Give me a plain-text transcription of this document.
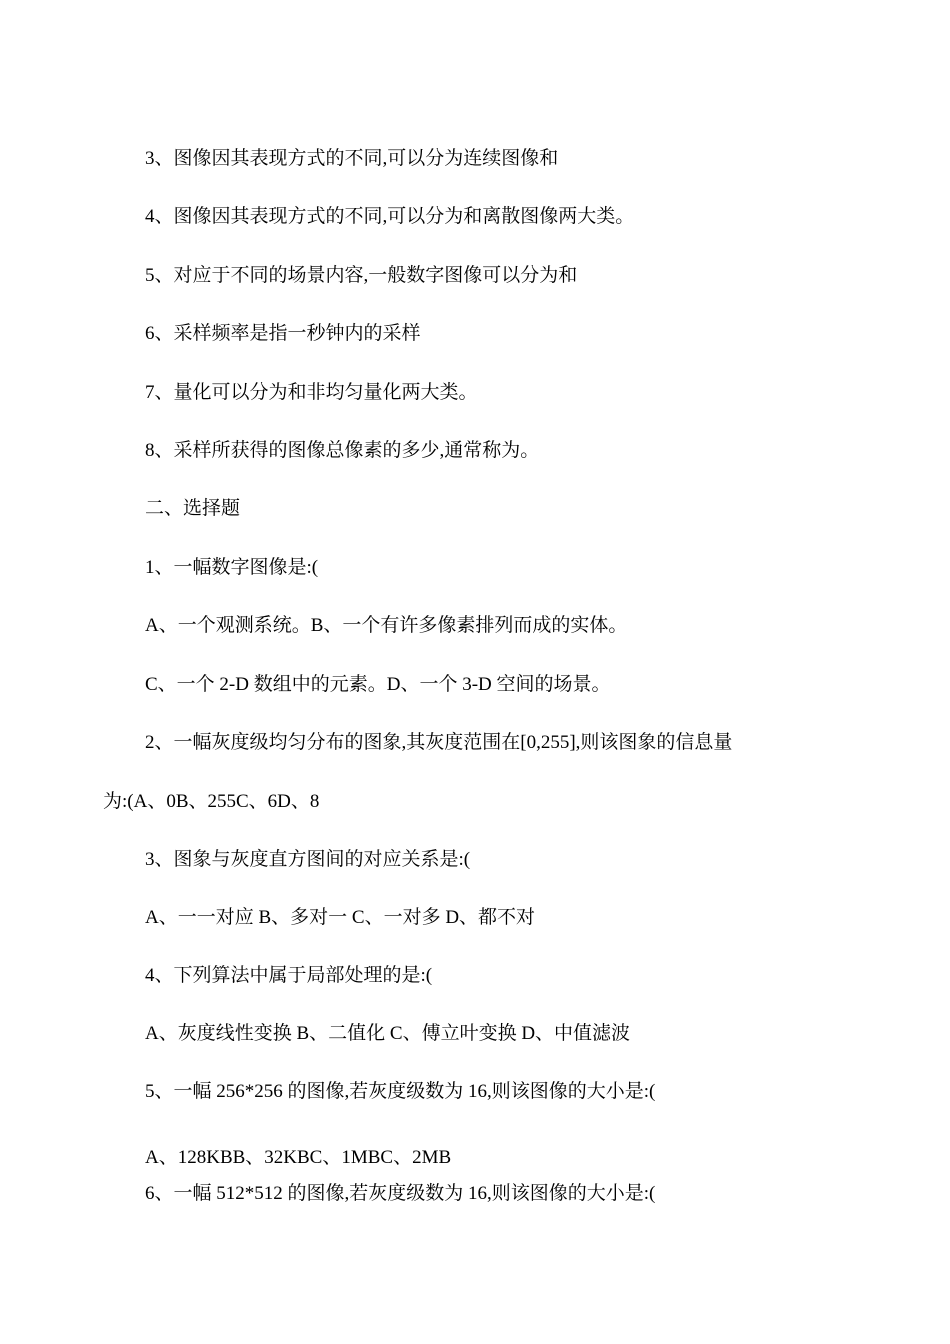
3、图像因其表现方式的不同,可以分为连续图像和
4、图像因其表现方式的不同,可以分为和离散图像两大类。
5、对应于不同的场景内容,一般数字图像可以分为和
6、采样频率是指一秒钟内的采样
7、量化可以分为和非均匀量化两大类。
8、采样所获得的图像总像素的多少,通常称为。
二、选择题
1、一幅数字图像是:(
A、一个观测系统。B、一个有许多像素排列而成的实体。
C、一个 2-D 数组中的元素。D、一个 3-D 空间的场景。
2、一幅灰度级均匀分布的图象,其灰度范围在[0,255],则该图象的信息量
为:(A、0B、255C、6D、8
3、图象与灰度直方图间的对应关系是:(
A、一一对应 B、多对一 C、一对多 D、都不对
4、下列算法中属于局部处理的是:(
A、灰度线性变换 B、二值化 C、傅立叶变换 D、中值滤波
5、一幅 256*256 的图像,若灰度级数为 16,则该图像的大小是:(
A、128KBB、32KBC、1MBC、2MB
6、一幅 512*512 的图像,若灰度级数为 16,则该图像的大小是:(
